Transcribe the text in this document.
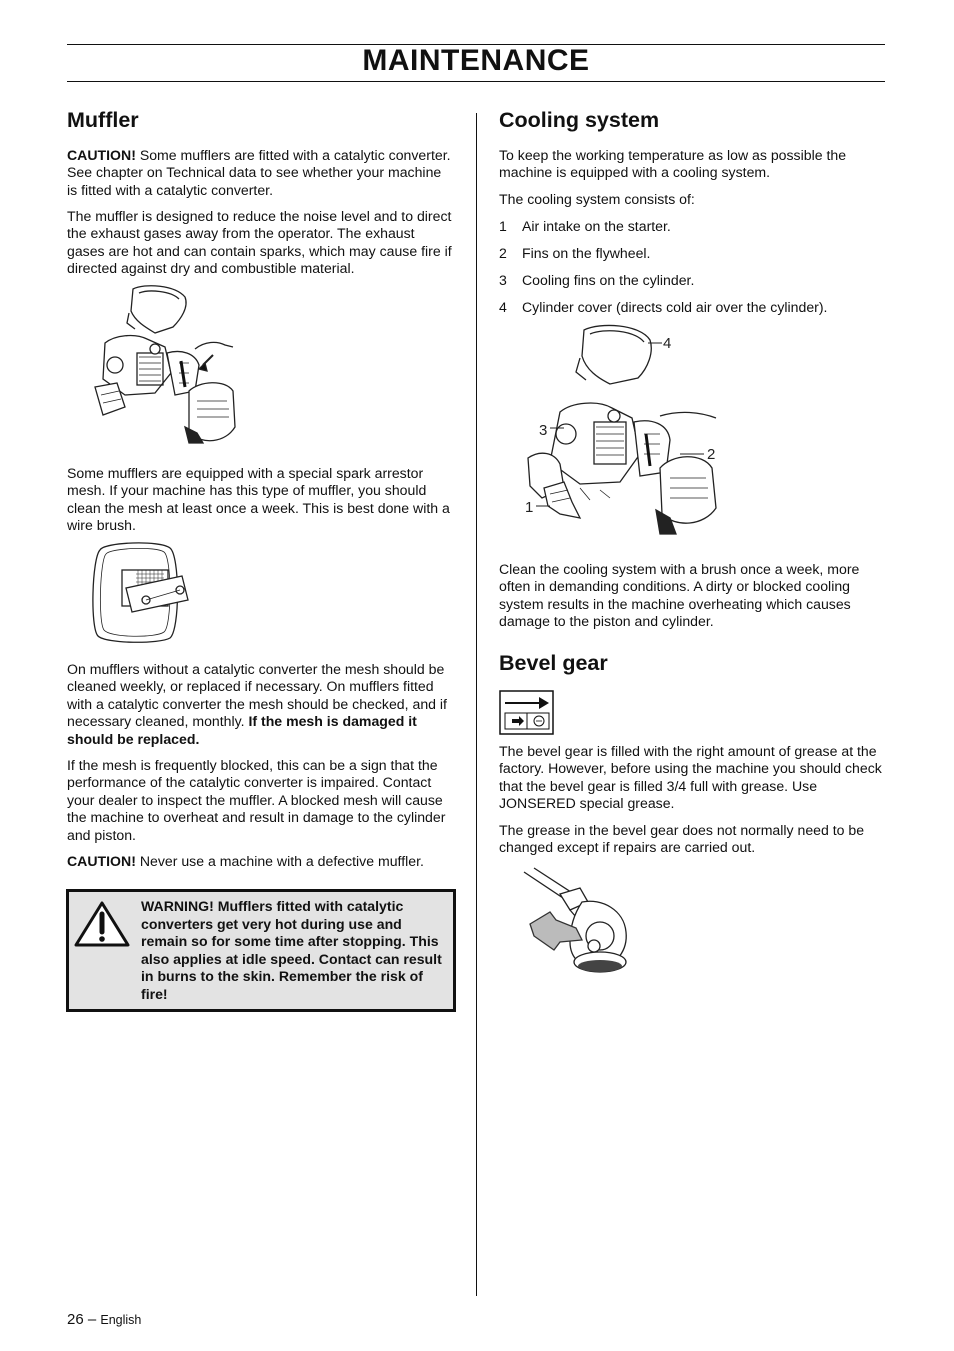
MAINTENANCE
Muffler

CAUTION! Some mufflers are fitted with a catalytic converter. See chapter on Technical data to see whether your machine is fitted with a catalytic converter.

The muffler is designed to reduce the noise level and to direct the exhaust gases away from the operator. The exhaust gases are hot and can contain sparks, which may cause fire if directed against dry and combustible material.

Some mufflers are equipped with a special spark arrestor mesh. If your machine has this type of muffler, you should clean the mesh at least once a week. This is best done with a wire brush.

On mufflers without a catalytic converter the mesh should be cleaned weekly, or replaced if necessary. On mufflers fitted with a catalytic converter the mesh should be checked, and if necessary cleaned, monthly. If the mesh is damaged it should be replaced.

If the mesh is frequently blocked, this can be a sign that the performance of the catalytic converter is impaired. Contact your dealer to inspect the muffler. A blocked mesh will cause the machine to overheat and result in damage to the cylinder and piston.

CAUTION! Never use a machine with a defective muffler.

WARNING! Mufflers fitted with catalytic converters get very hot during use and remain so for some time after stopping. This also applies at idle speed. Contact can result in burns to the skin. Remember the risk of fire!
Cooling system

To keep the working temperature as low as possible the machine is equipped with a cooling system.

The cooling system consists of:

1	Air intake on the starter.

2	Fins on the flywheel.

3	Cooling fins on the cylinder.

4	Cylinder cover (directs cold air over the cylinder).

4
3
2
1

Clean the cooling system with a brush once a week, more often in demanding conditions. A dirty or blocked cooling system results in the machine overheating which causes damage to the piston and cylinder.

Bevel gear

The bevel gear is filled with the right amount of grease at the factory. However, before using the machine you should check that the bevel gear is filled 3/4 full with grease. Use JONSERED special grease.

The grease in the bevel gear does not normally need to be changed except if repairs are carried out.

26 – English
